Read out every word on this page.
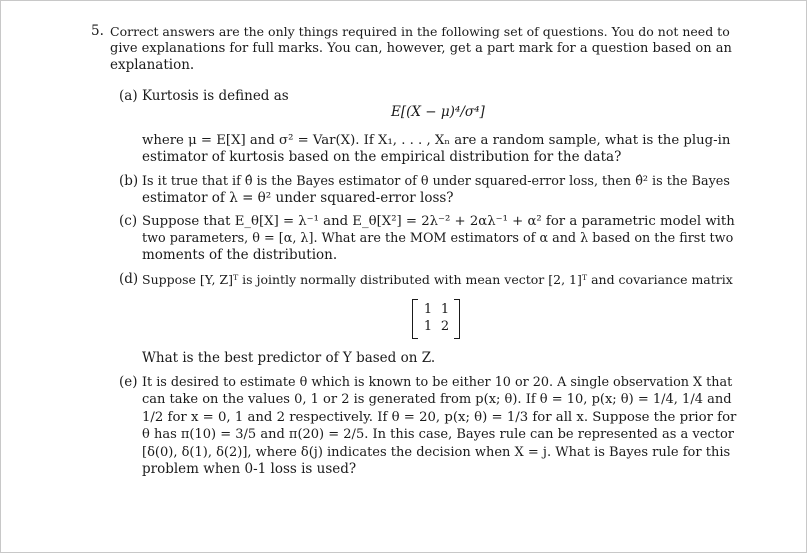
5. Correct answers are the only things required in the following set of questions. You do not need to
give explanations for full marks. You can, however, get a part mark for a question based on an
explanation.
(a) Kurtosis is defined as
E[(X − μ)⁴/σ⁴]
where μ = E[X] and σ² = Var(X). If X₁, . . . , Xₙ are a random sample, what is the plug-in
estimator of kurtosis based on the empirical distribution for the data?
(b) Is it true that if θ̂ is the Bayes estimator of θ under squared-error loss, then θ̂² is the Bayes
estimator of λ = θ² under squared-error loss?
(c) Suppose that E_θ[X] = λ⁻¹ and E_θ[X²] = 2λ⁻² + 2αλ⁻¹ + α² for a parametric model with
two parameters, θ = [α, λ]. What are the MOM estimators of α and λ based on the first two
moments of the distribution.
(d) Suppose [Y, Z]ᵀ is jointly normally distributed with mean vector [2, 1]ᵀ and covariance matrix
1 1
1 2
What is the best predictor of Y based on Z.
(e) It is desired to estimate θ which is known to be either 10 or 20. A single observation X that
can take on the values 0, 1 or 2 is generated from p(x; θ). If θ = 10, p(x; θ) = 1/4, 1/4 and
1/2 for x = 0, 1 and 2 respectively. If θ = 20, p(x; θ) = 1/3 for all x. Suppose the prior for
θ has π(10) = 3/5 and π(20) = 2/5. In this case, Bayes rule can be represented as a vector
[δ(0), δ(1), δ(2)], where δ(j) indicates the decision when X = j. What is Bayes rule for this
problem when 0-1 loss is used?
